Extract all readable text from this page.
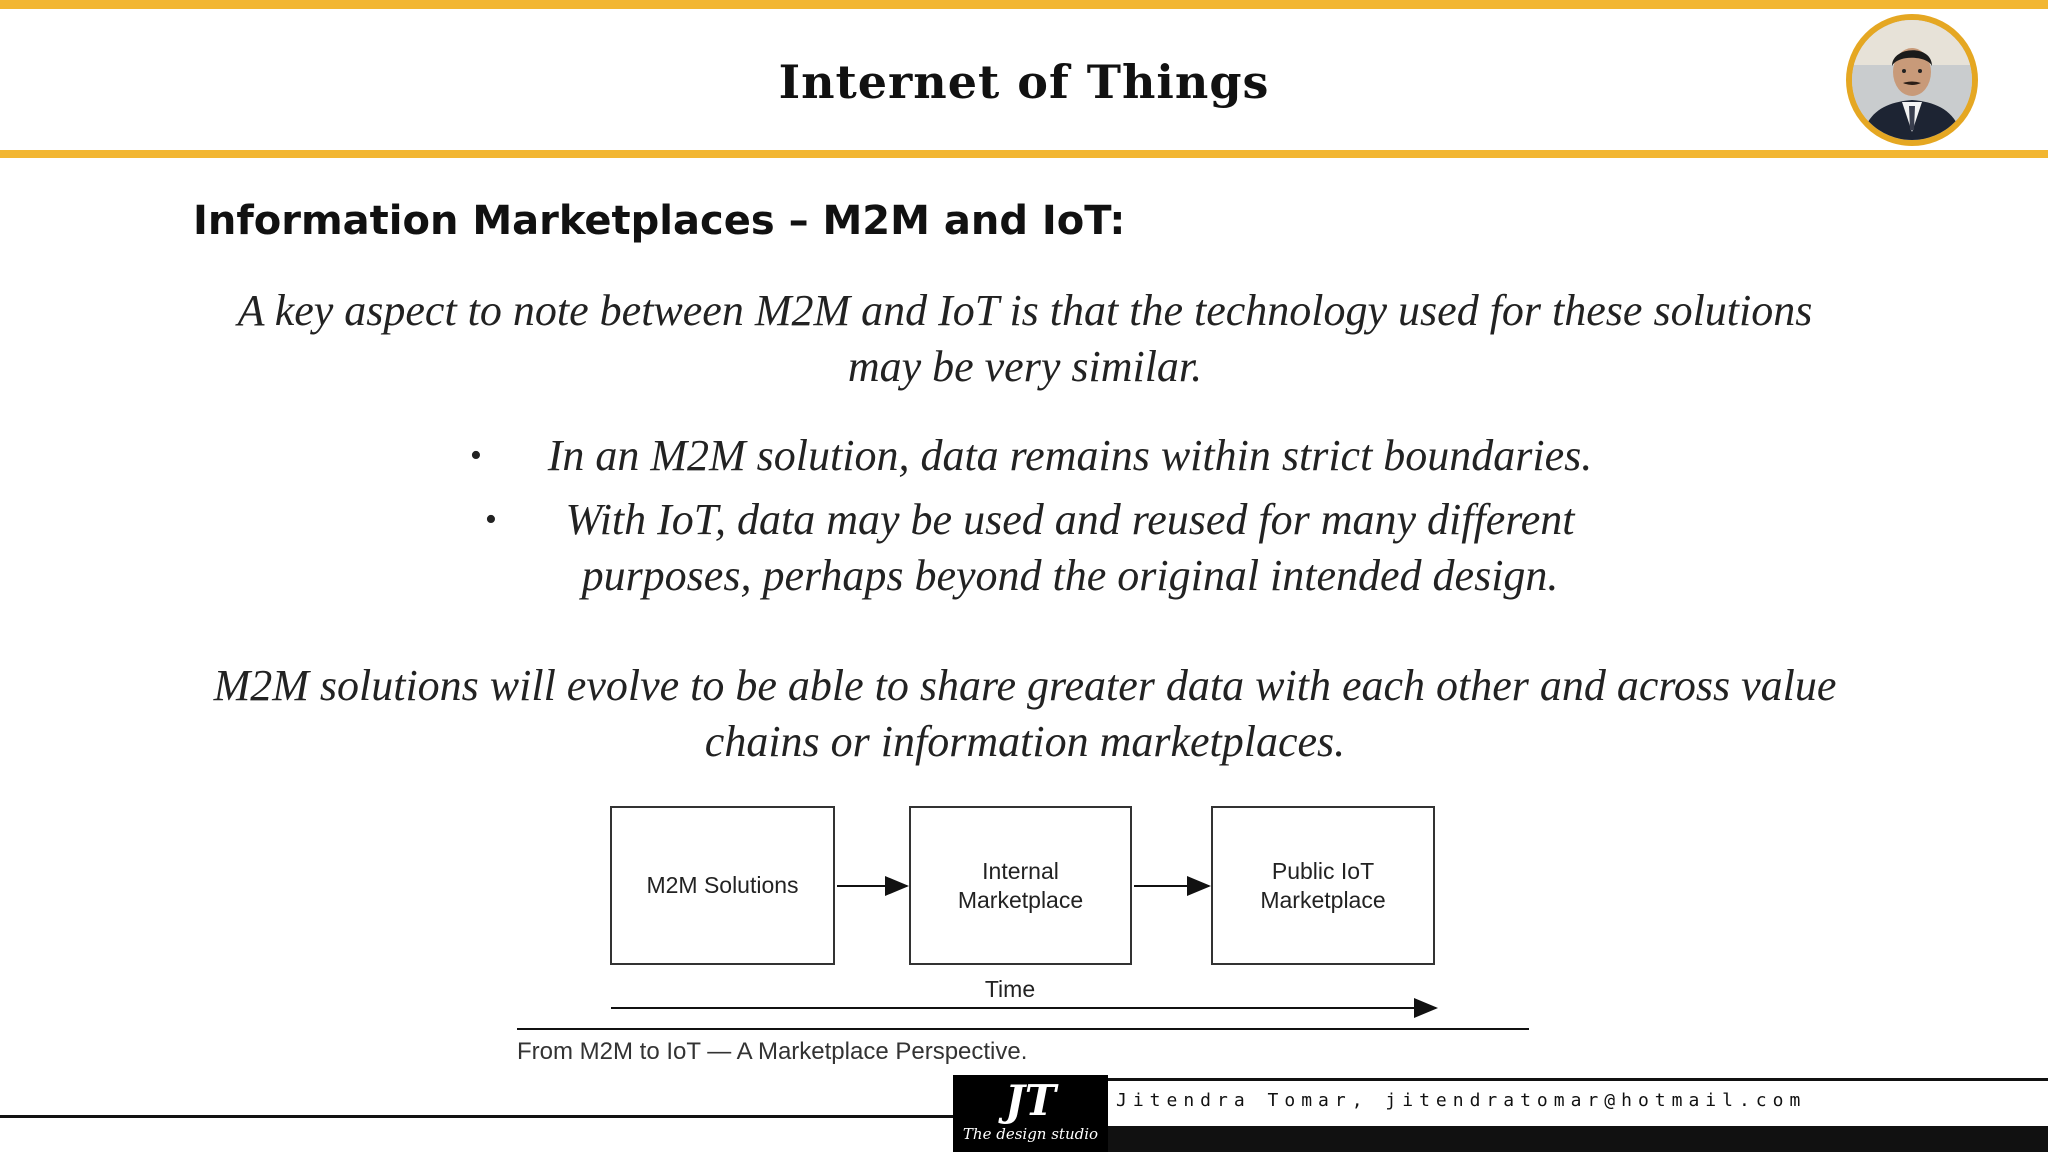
Internet of Things
Information Marketplaces – M2M and IoT:
A key aspect to note between M2M and IoT is that the technology used for these solutions may be very similar.
• In an M2M solution, data remains within strict boundaries.
• With IoT, data may be used and reused for many different purposes, perhaps beyond the original intended design.
M2M solutions will evolve to be able to share greater data with each other and across value chains or information marketplaces.
M2M Solutions
Internal Marketplace
Public IoT Marketplace
Time
From M2M to IoT — A Marketplace Perspective.
Jitendra Tomar, jitendratomar@hotmail.com
JT
The design studio
